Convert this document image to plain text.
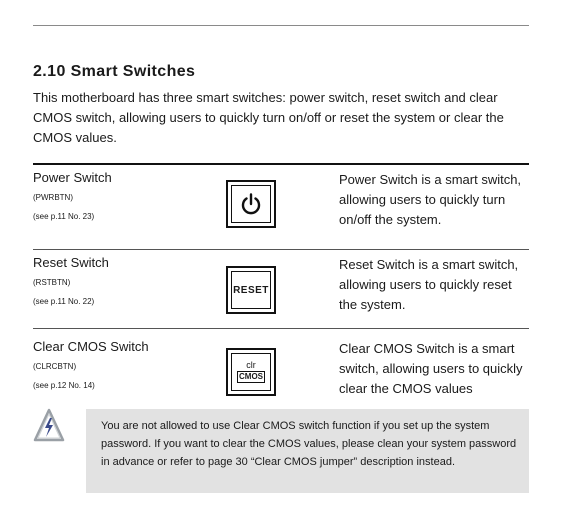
2.10 Smart Switches
This motherboard has three smart switches: power switch, reset switch and clear CMOS switch, allowing users to quickly turn on/off or reset the system or clear the CMOS values.
Power Switch
(PWRBTN)
(see p.11 No. 23)
Power Switch is a smart switch, allowing users to quickly turn on/off the system.
Reset Switch
(RSTBTN)
(see p.11 No. 22)
RESET
Reset Switch is a smart switch, allowing users to quickly reset the system.
Clear CMOS Switch
(CLRCBTN)
(see p.12 No. 14)
clr
CMOS
Clear CMOS Switch is a smart switch, allowing users to quickly clear the CMOS values
You are not allowed to use Clear CMOS switch function if you set up the system password. If you want to clear the CMOS values, please clean your system password in advance or refer to page 30 “Clear CMOS jumper” description instead.
